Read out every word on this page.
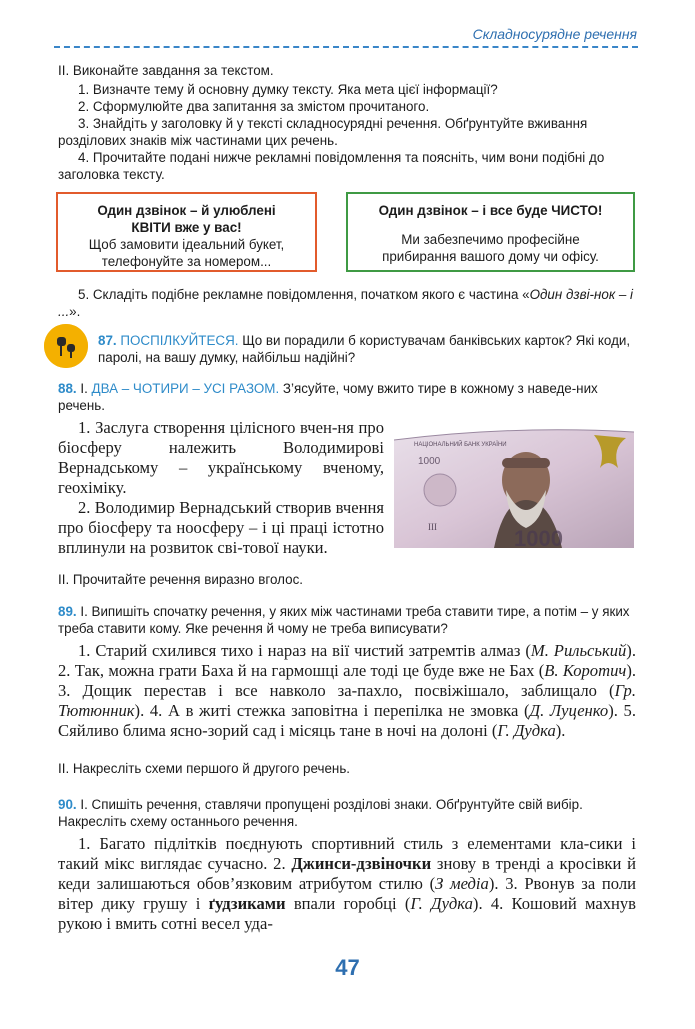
Складносурядне речення
II. Виконайте завдання за текстом.

1. Визначте тему й основну думку тексту. Яка мета цієї інформації?

2. Сформулюйте два запитання за змістом прочитаного.

3. Знайдіть у заголовку й у тексті складносурядні речення. Обґрунтуйте вживання розділових знаків між частинами цих речень.

4. Прочитайте подані нижче рекламні повідомлення та поясніть, чим вони подібні до заголовка тексту.

Один дзвінок – й улюблені
КВІТИ вже у вас!
Щоб замовити ідеальний букет,
телефонуйте за номером...
Один дзвінок – і все буде ЧИСТО!
Ми забезпечимо професійне
прибирання вашого дому чи офісу.

5. Складіть подібне рекламне повідомлення, початком якого є частина «Один дзві-нок – і ...».

87. ПОСПІЛКУЙТЕСЯ. Що ви порадили б користувачам банківських карток? Які коди, паролі, на вашу думку, найбільш надійні?
88. І. ДВА – ЧОТИРИ – УСІ РАЗОМ. З’ясуйте, чому вжито тире в кожному з наведе-них речень.

1. Заслуга створення цілісного вчен-ня про біосферу належить Володимирові Вернадському – українському вченому, геохіміку.

2. Володимир Вернадський створив вчення про біосферу та ноосферу – і ці праці істотно вплинули на розвиток сві-тової науки.

НАЦІОНАЛЬНИЙ БАНК УКРАЇНИ
1000
ІІІ	1000
ІІ. Прочитайте речення виразно вголос.
89. І. Випишіть спочатку речення, у яких між частинами треба ставити тире, а потім – у яких треба ставити кому. Яке речення й чому не треба виписувати?

1. Старий схилився тихо і нараз на вії чистий затремтів алмаз (М. Рильський). 2. Так, можна грати Баха й на гармошці але тоді це буде вже не Бах (В. Коротич). 3. Дощик перестав і все навколо за-пахло, посвіжішало, заблищало (Гр. Тютюнник). 4. А в житі стежка заповітна і перепілка не змовка (Д. Луценко). 5. Сяйливо блима ясно-зорий сад і місяць тане в ночі на долоні (Г. Дудка).

ІІ. Накресліть схеми першого й другого речень.
90. І. Спишіть речення, ставлячи пропущені розділові знаки. Обґрунтуйте свій вибір. Накресліть схему останнього речення.

1. Багато підлітків поєднують спортивний стиль з елементами кла-сики і такий мікс виглядає сучасно. 2. Джинси-дзвіночки знову в тренді а кросівки й кеди залишаються обов’язковим атрибутом стилю (З медіа). 3. Рвонув за поли вітер дику грушу і ґудзиками впали горобці (Г. Дудка). 4. Кошовий махнув рукою і вмить сотні весел уда-

47
